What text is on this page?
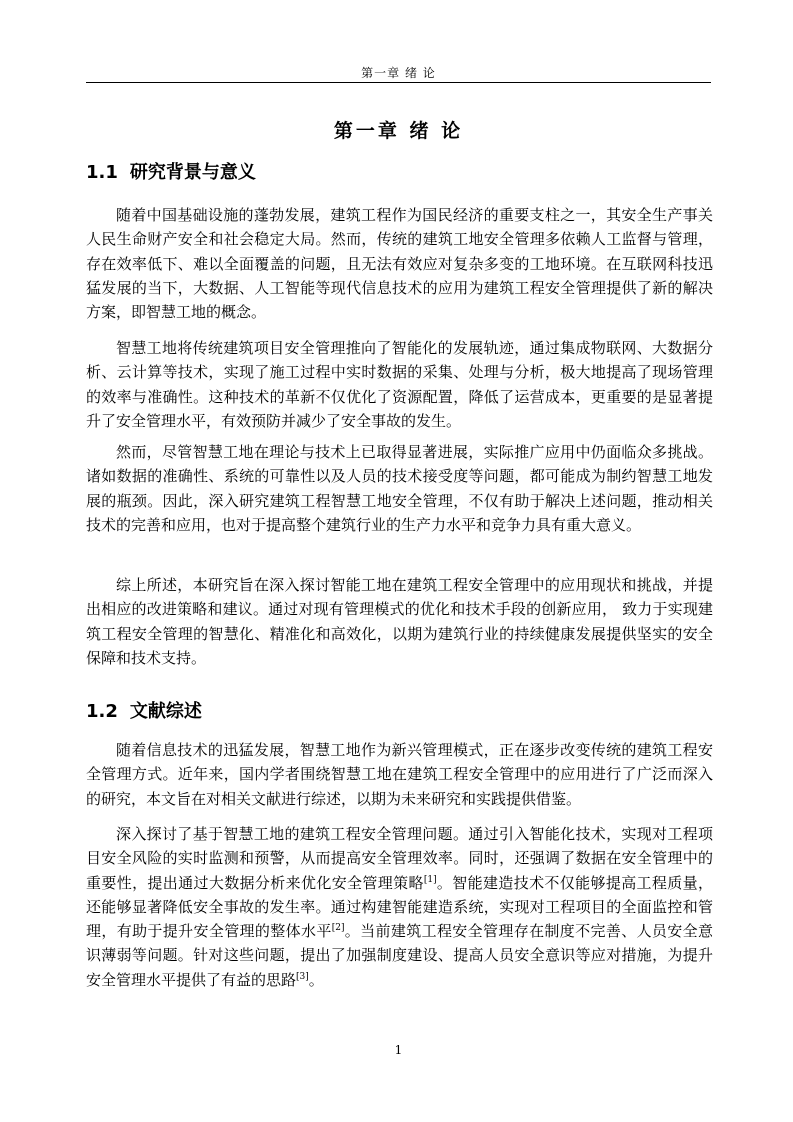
第一章 绪 论
第一章 绪 论
1.1 研究背景与意义

随着中国基础设施的蓬勃发展，建筑工程作为国民经济的重要支柱之一，其安全生产事关人民生命财产安全和社会稳定大局。然而，传统的建筑工地安全管理多依赖人工监督与管理，存在效率低下、难以全面覆盖的问题，且无法有效应对复杂多变的工地环境。在互联网科技迅猛发展的当下，大数据、人工智能等现代信息技术的应用为建筑工程安全管理提供了新的解决方案，即智慧工地的概念。

智慧工地将传统建筑项目安全管理推向了智能化的发展轨迹，通过集成物联网、大数据分析、云计算等技术，实现了施工过程中实时数据的采集、处理与分析，极大地提高了现场管理的效率与准确性。这种技术的革新不仅优化了资源配置，降低了运营成本，更重要的是显著提升了安全管理水平，有效预防并减少了安全事故的发生。

然而，尽管智慧工地在理论与技术上已取得显著进展，实际推广应用中仍面临众多挑战。诸如数据的准确性、系统的可靠性以及人员的技术接受度等问题，都可能成为制约智慧工地发展的瓶颈。因此，深入研究建筑工程智慧工地安全管理，不仅有助于解决上述问题，推动相关技术的完善和应用，也对于提高整个建筑行业的生产力水平和竞争力具有重大意义。

综上所述，本研究旨在深入探讨智能工地在建筑工程安全管理中的应用现状和挑战，并提出相应的改进策略和建议。通过对现有管理模式的优化和技术手段的创新应用， 致力于实现建筑工程安全管理的智慧化、精准化和高效化，以期为建筑行业的持续健康发展提供坚实的安全保障和技术支持。

1.2 文献综述

随着信息技术的迅猛发展，智慧工地作为新兴管理模式，正在逐步改变传统的建筑工程安全管理方式。近年来，国内学者围绕智慧工地在建筑工程安全管理中的应用进行了广泛而深入的研究，本文旨在对相关文献进行综述，以期为未来研究和实践提供借鉴。

深入探讨了基于智慧工地的建筑工程安全管理问题。通过引入智能化技术，实现对工程项目安全风险的实时监测和预警，从而提高安全管理效率。同时，还强调了数据在安全管理中的重要性，提出通过大数据分析来优化安全管理策略[1]。智能建造技术不仅能够提高工程质量，还能够显著降低安全事故的发生率。通过构建智能建造系统，实现对工程项目的全面监控和管理，有助于提升安全管理的整体水平[2]。当前建筑工程安全管理存在制度不完善、人员安全意识薄弱等问题。针对这些问题，提出了加强制度建设、提高人员安全意识等应对措施，为提升安全管理水平提供了有益的思路[3]。

1
